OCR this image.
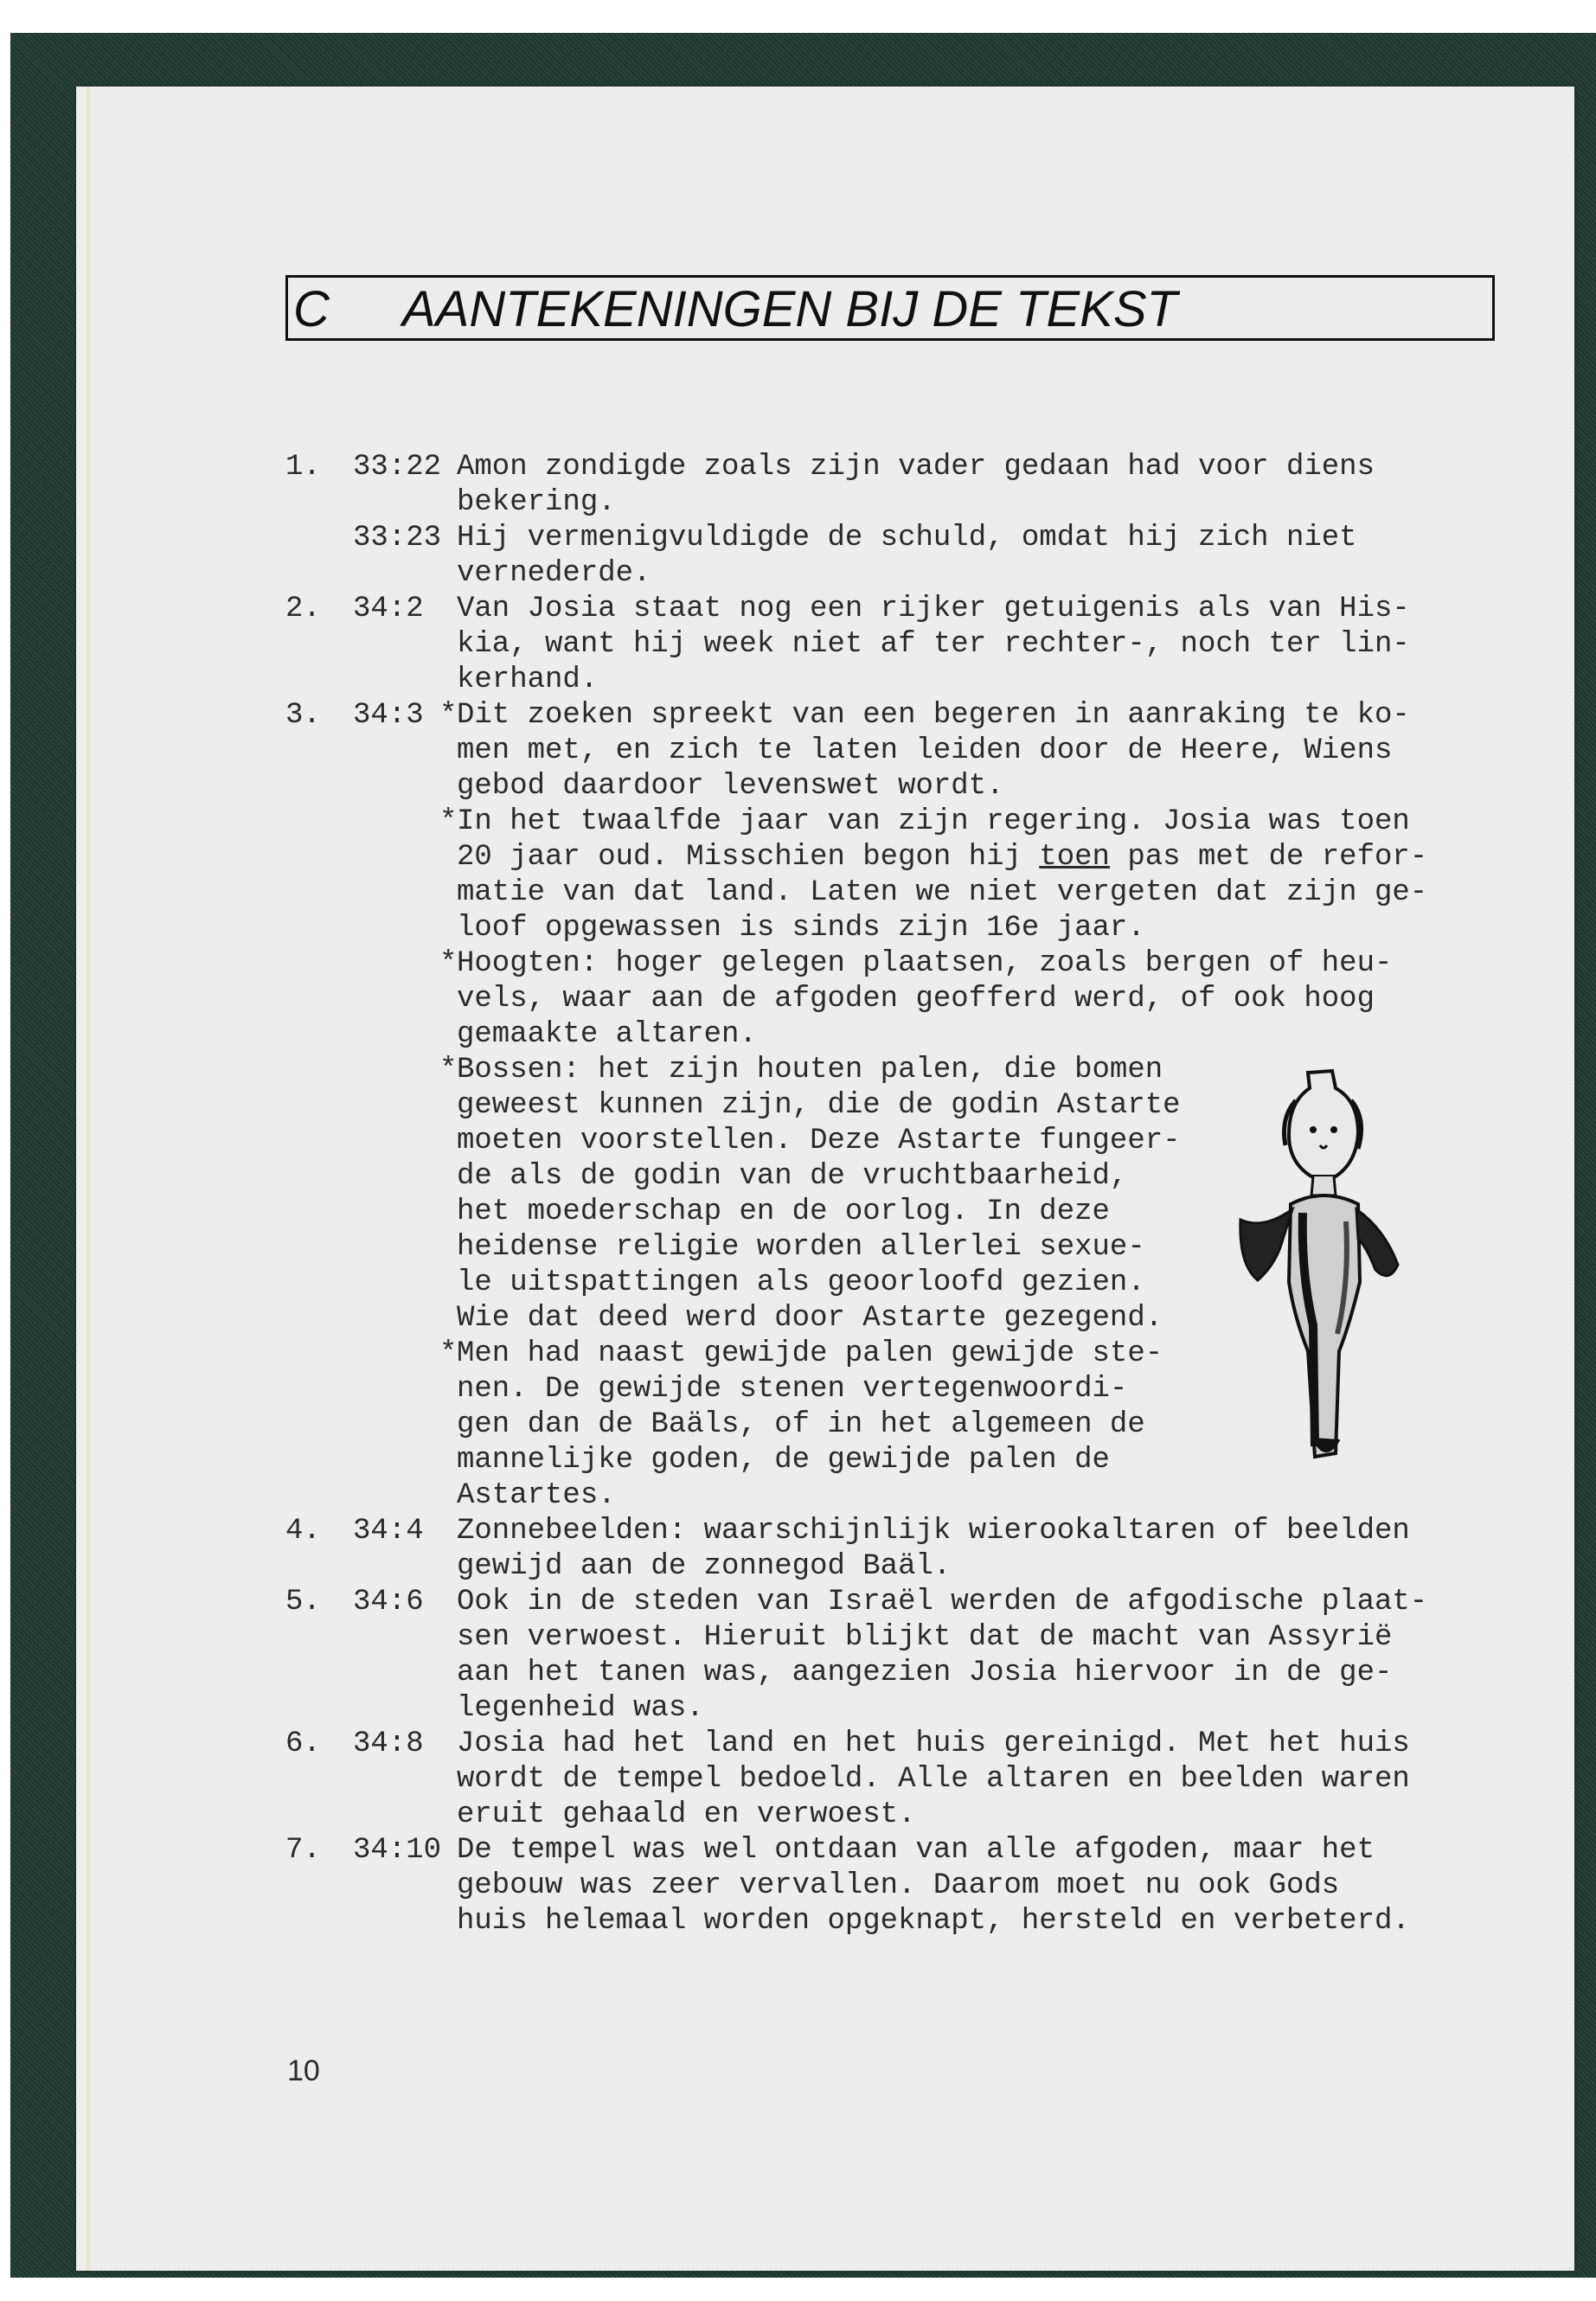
C AANTEKENINGEN BIJ DE TEKST
1.	33:22 Amon zondigde zoals zijn vader gedaan had voor diens
bekering.
33:23 Hij vermenigvuldigde de schuld, omdat hij zich niet
vernederde.
2.	34:2	Van Josia staat nog een rijker getuigenis als van His-
kia, want hij week niet af ter rechter-, noch ter lin-
kerhand.
3.	34:3 * Dit zoeken spreekt van een begeren in aanraking te ko-
men met, en zich te laten leiden door de Heere, Wiens
gebod daardoor levenswet wordt.
* In het twaalfde jaar van zijn regering. Josia was toen
20 jaar oud. Misschien begon hij toen pas met de refor-
matie van dat land. Laten we niet vergeten dat zijn ge-
loof opgewassen is sinds zijn 16e jaar.
* Hoogten: hoger gelegen plaatsen, zoals bergen of heu-
vels, waar aan de afgoden geofferd werd, of ook hoog
gemaakte altaren.
* Bossen: het zijn houten palen, die bomen
geweest kunnen zijn, die de godin Astarte
moeten voorstellen. Deze Astarte fungeer-
de als de godin van de vruchtbaarheid,
het moederschap en de oorlog. In deze
heidense religie worden allerlei sexue-
le uitspattingen als geoorloofd gezien.
Wie dat deed werd door Astarte gezegend.
* Men had naast gewijde palen gewijde ste-
nen. De gewijde stenen vertegenwoordi-
gen dan de Baäls, of in het algemeen de
mannelijke goden, de gewijde palen de
Astartes.
4.	34:4	Zonnebeelden: waarschijnlijk wierookaltaren of beelden
gewijd aan de zonnegod Baäl.
5.	34:6	Ook in de steden van Israël werden de afgodische plaat-
sen verwoest. Hieruit blijkt dat de macht van Assyrië
aan het tanen was, aangezien Josia hiervoor in de ge-
legenheid was.
6.	34:8	Josia had het land en het huis gereinigd. Met het huis
wordt de tempel bedoeld. Alle altaren en beelden waren
eruit gehaald en verwoest.
7.	34:10 De tempel was wel ontdaan van alle afgoden, maar het
gebouw was zeer vervallen. Daarom moet nu ook Gods
huis helemaal worden opgeknapt, hersteld en verbeterd.
10
